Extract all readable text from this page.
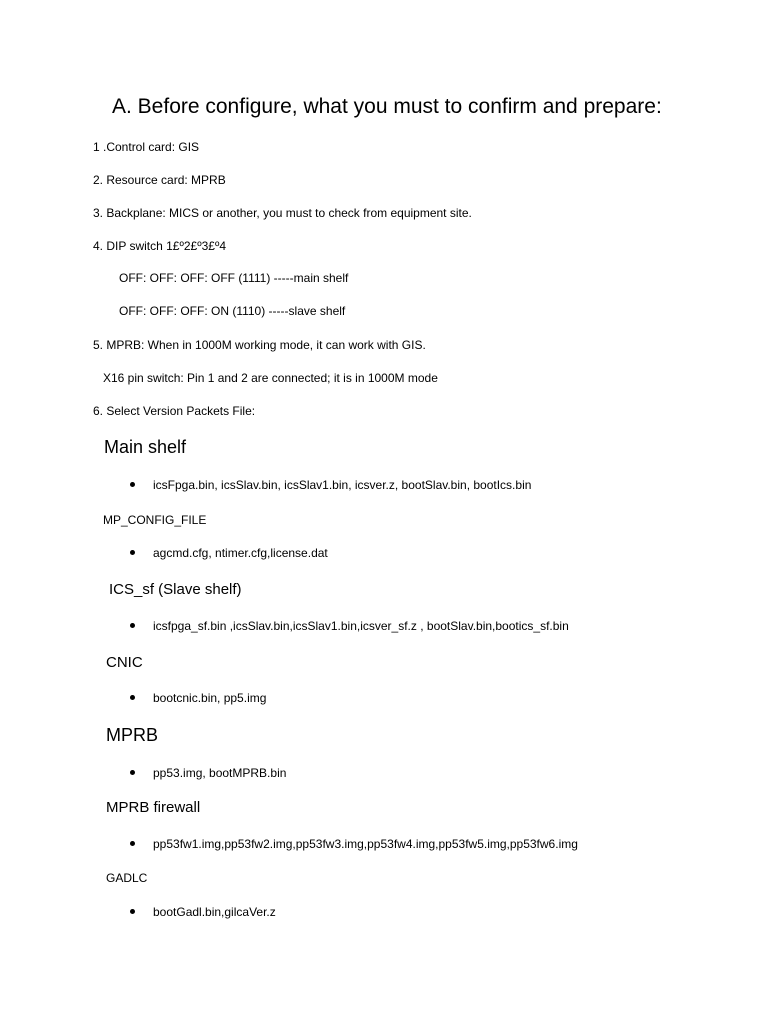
A. Before configure, what you must to confirm and prepare:
1 .Control card: GIS
2. Resource card: MPRB
3. Backplane: MICS or another, you must to check from equipment site.
4. DIP switch 1£º2£º3£º4
OFF: OFF: OFF: OFF (1111) -----main shelf
OFF: OFF: OFF: ON (1110) -----slave shelf
5. MPRB: When in 1000M working mode, it can work with GIS.
X16 pin switch: Pin 1 and 2 are connected; it is in 1000M mode
6. Select Version Packets File:
Main shelf
icsFpga.bin, icsSlav.bin, icsSlav1.bin, icsver.z, bootSlav.bin, bootIcs.bin
MP_CONFIG_FILE
agcmd.cfg, ntimer.cfg,license.dat
ICS_sf (Slave shelf)
icsfpga_sf.bin ,icsSlav.bin,icsSlav1.bin,icsver_sf.z , bootSlav.bin,bootics_sf.bin
CNIC
bootcnic.bin, pp5.img
MPRB
pp53.img, bootMPRB.bin
MPRB firewall
pp53fw1.img,pp53fw2.img,pp53fw3.img,pp53fw4.img,pp53fw5.img,pp53fw6.img
GADLC
bootGadl.bin,gilcaVer.z
